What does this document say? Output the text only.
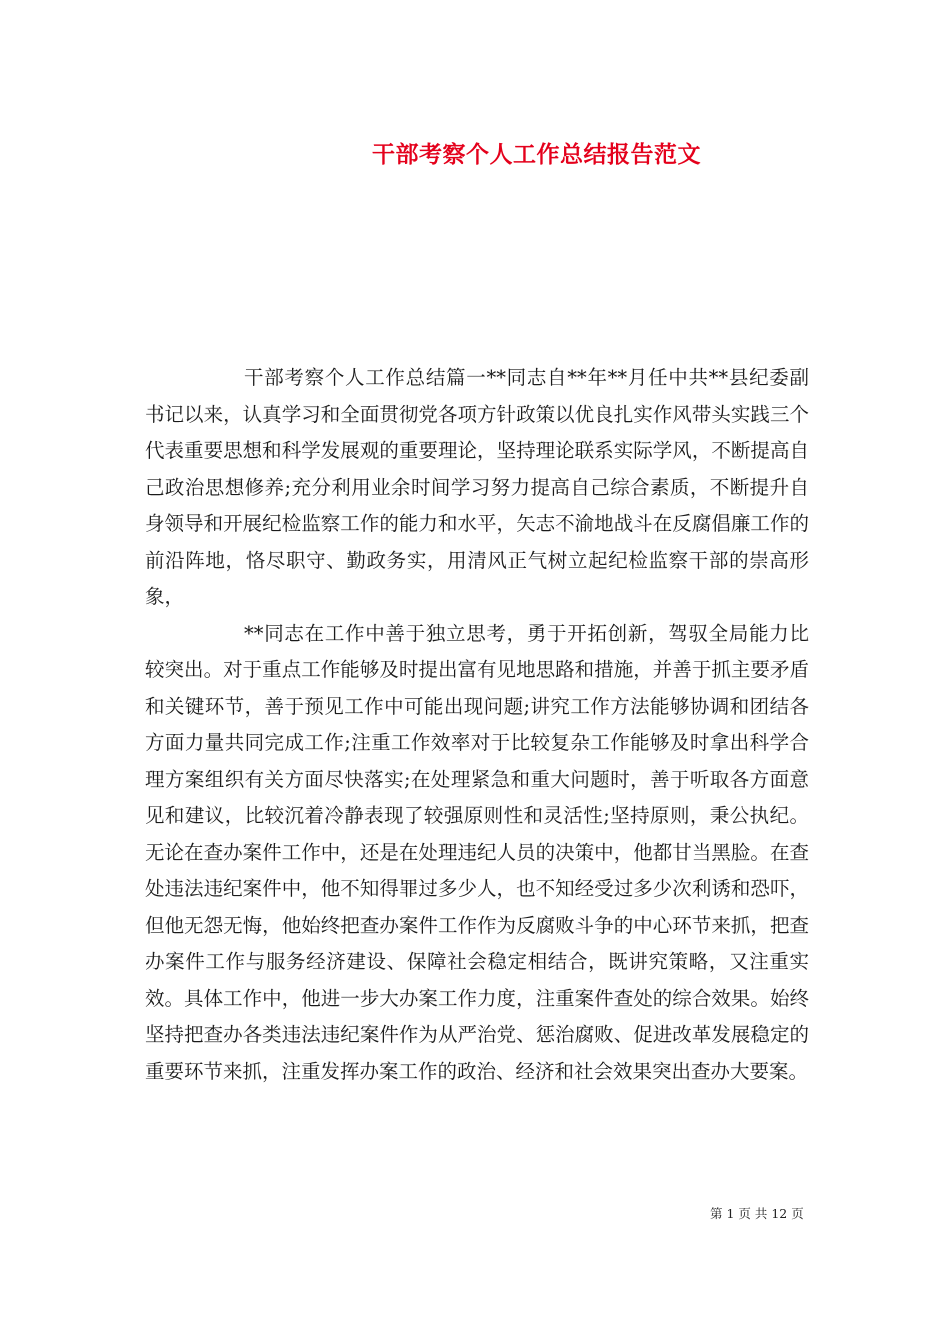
干部考察个人工作总结报告范文

干部考察个人工作总结篇一**同志自**年**月任中共**县纪委副书记以来，认真学习和全面贯彻党各项方针政策以优良扎实作风带头实践三个代表重要思想和科学发展观的重要理论，坚持理论联系实际学风，不断提高自己政治思想修养;充分利用业余时间学习努力提高自己综合素质，不断提升自身领导和开展纪检监察工作的能力和水平，矢志不渝地战斗在反腐倡廉工作的前沿阵地，恪尽职守、勤政务实，用清风正气树立起纪检监察干部的崇高形象，

**同志在工作中善于独立思考，勇于开拓创新，驾驭全局能力比较突出。对于重点工作能够及时提出富有见地思路和措施，并善于抓主要矛盾和关键环节，善于预见工作中可能出现问题;讲究工作方法能够协调和团结各方面力量共同完成工作;注重工作效率对于比较复杂工作能够及时拿出科学合理方案组织有关方面尽快落实;在处理紧急和重大问题时，善于听取各方面意见和建议，比较沉着冷静表现了较强原则性和灵活性;坚持原则，秉公执纪。无论在查办案件工作中，还是在处理违纪人员的决策中，他都甘当黑脸。在查处违法违纪案件中，他不知得罪过多少人，也不知经受过多少次利诱和恐吓，但他无怨无悔，他始终把查办案件工作作为反腐败斗争的中心环节来抓，把查办案件工作与服务经济建设、保障社会稳定相结合，既讲究策略，又注重实效。具体工作中，他进一步大办案工作力度，注重案件查处的综合效果。始终坚持把查办各类违法违纪案件作为从严治党、惩治腐败、促进改革发展稳定的重要环节来抓，注重发挥办案工作的政治、经济和社会效果突出查办大要案。

第 1 页 共 12 页
